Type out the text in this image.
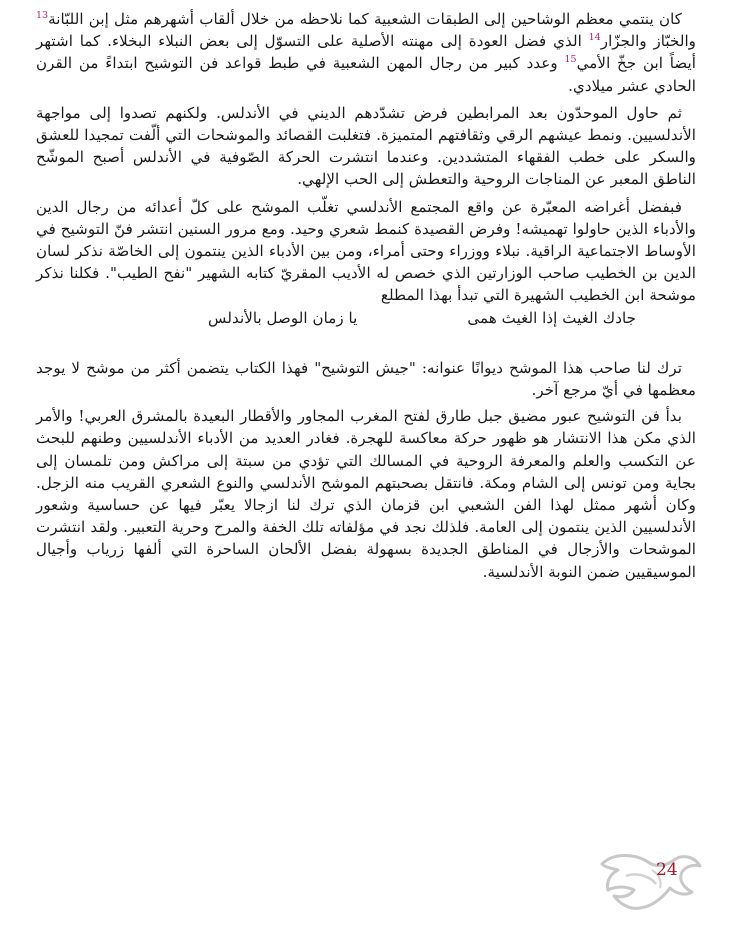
كان ينتمي معظم الوشاحين إلى الطبقات الشعبية كما نلاحظه من خلال ألقاب أشهرهم مثل إبن اللبّانة$^{13}$ والخبّاز والجزّار$^{14}$ الذي فضل العودة إلى مهنته الأصلية على التسوّل إلى بعض النبلاء البخلاء. كما اشتهر أيضاً ابن جخّ الأمي$^{15}$ وعدد كبير من رجال المهن الشعبية في طبط قواعد فن التوشيح ابتداءً من القرن الحادي عشر ميلادي.

ثم حاول الموحدّون بعد المرابطين فرض تشدّدهم الديني في الأندلس. ولكنهم تصدوا إلى مواجهة الأندلسيين. ونمط عيشهم الرقي وثقافتهم المتميزة. فتغلبت القصائد والموشحات التي ألّفت تمجيدا للعشق والسكر على خطب الفقهاء المتشددين. وعندما انتشرت الحركة الصّوفية في الأندلس أصبح الموشّح الناطق المعبر عن المناجات الروحية والتعطش إلى الحب الإلهي.

فبفضل أغراضه المعبّرة عن واقع المجتمع الأندلسي تغلّب الموشح على كلّ أعدائه من رجال الدين والأدباء الذين حاولوا تهميشه! وفرض القصيدة كنمط شعري وحيد. ومع مرور السنين انتشر فنّ التوشيح في الأوساط الاجتماعية الراقية. نبلاء ووزراء وحتى أمراء، ومن بين الأدباء الذين ينتمون إلى الخاصّة نذكر لسان الدين بن الخطيب صاحب الوزارتين الذي خصص له الأديب المقريّ كتابه الشهير "نفح الطيب". فكلنا نذكر موشحة ابن الخطيب الشهيرة التي تبدأ بهذا المطلع

جادك الغيث إذا الغيث همى
يا زمان الوصل بالأندلس

ترك لنا صاحب هذا الموشح ديوانًا عنوانه: "جيش التوشيح" فهذا الكتاب يتضمن أكثر من موشح لا يوجد معظمها في أيّ مرجع آخر.

بدأ فن التوشيح عبور مضيق جبل طارق لفتح المغرب المجاور والأقطار البعيدة بالمشرق العربي! والأمر الذي مكن هذا الانتشار هو ظهور حركة معاكسة للهجرة. فغادر العديد من الأدباء الأندلسيين وطنهم للبحث عن التكسب والعلم والمعرفة الروحية في المسالك التي تؤدي من سبتة إلى مراكش ومن تلمسان إلى بجاية ومن تونس إلى الشام ومكة. فانتقل بصحبتهم الموشح الأندلسي والنوع الشعري القريب منه الزجل. وكان أشهر ممثل لهذا الفن الشعبي ابن قزمان الذي ترك لنا ازجالا يعبّر فيها عن حساسية وشعور الأندلسيين الذين ينتمون إلى العامة. فلذلك نجد في مؤلفاته تلك الخفة والمرح وحرية التعبير. ولقد انتشرت الموشحات والأزجال في المناطق الجديدة بسهولة بفضل الألحان الساحرة التي ألفها زرياب وأجيال الموسيقيين ضمن النوبة الأندلسية.

24
